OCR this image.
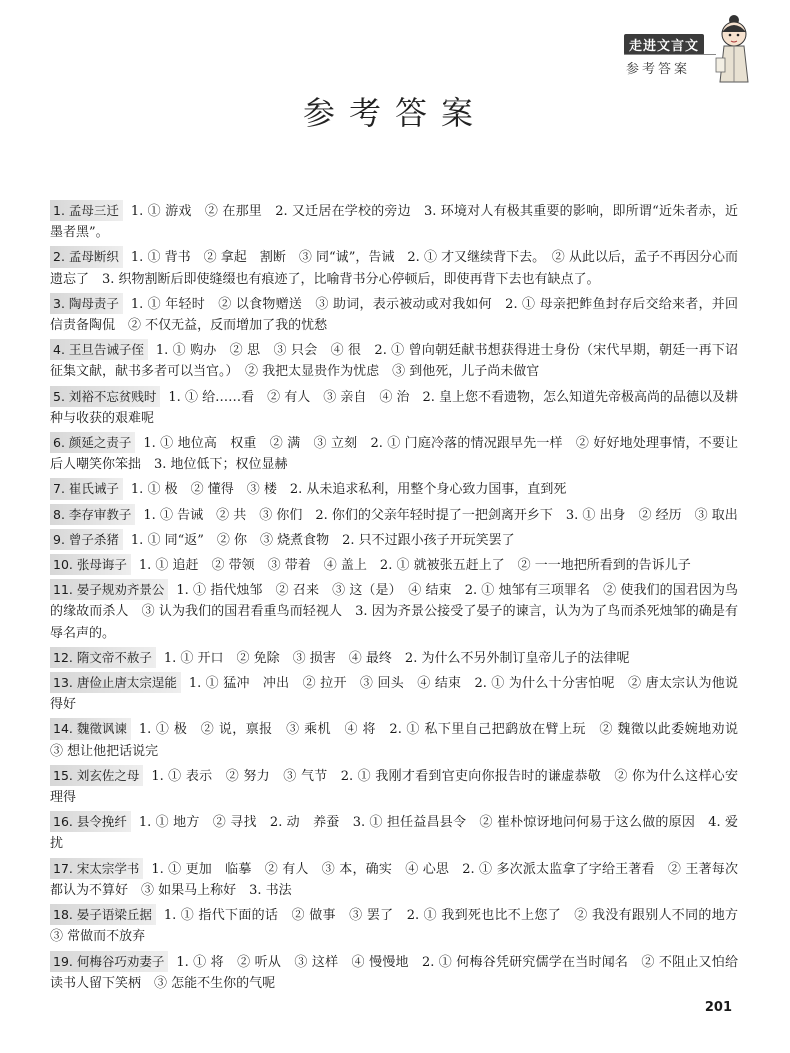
走进文言文
参考答案
参考答案

1. 孟母三迁 1. ① 游戏　② 在那里　2. 又迁居在学校的旁边　3. 环境对人有极其重要的影响，即所谓“近朱者赤，近墨者黑”。

2. 孟母断织 1. ① 背书　② 拿起　割断　③ 同“诚”，告诫　2. ① 才又继续背下去。　② 从此以后，孟子不再因分心而遗忘了　3. 织物割断后即使缝缀也有痕迹了，比喻背书分心停顿后，即使再背下去也有缺点了。

3. 陶母责子 1. ① 年轻时　② 以食物赠送　③ 助词，表示被动或对我如何　2. ① 母亲把鲊鱼封存后交给来者，并回信责备陶侃　② 不仅无益，反而增加了我的忧愁

4. 王旦告诫子侄 1. ① 购办　② 思　③ 只会　④ 很　2. ① 曾向朝廷献书想获得进士身份（宋代早期，朝廷一再下诏征集文献，献书多者可以当官。）　② 我把太显贵作为忧虑　③ 到他死，儿子尚未做官

5. 刘裕不忘贫贱时 1. ① 给……看　② 有人　③ 亲自　④ 治　2. 皇上您不看遗物，怎么知道先帝极高尚的品德以及耕种与收获的艰难呢

6. 颜延之责子 1. ① 地位高　权重　② 满　③ 立刻　2. ① 门庭冷落的情况跟早先一样　② 好好地处理事情，不要让后人嘲笑你笨拙　3. 地位低下；权位显赫

7. 崔氏诫子 1. ① 极　② 懂得　③ 楼　2. 从未追求私利，用整个身心致力国事，直到死

8. 李存审教子 1. ① 告诫　② 共　③ 你们　2. 你们的父亲年轻时提了一把剑离开乡下　3. ① 出身　② 经历　③ 取出

9. 曾子杀猪 1. ① 同“返”　② 你　③ 烧煮食物　2. 只不过跟小孩子开玩笑罢了

10. 张母诲子 1. ① 追赶　② 带领　③ 带着　④ 盖上　2. ① 就被张五赶上了　② 一一地把所看到的告诉儿子

11. 晏子规劝齐景公 1. ① 指代烛邹　② 召来　③ 这（是）　④ 结束　2. ① 烛邹有三项罪名　② 使我们的国君因为鸟的缘故而杀人　③ 认为我们的国君看重鸟而轻视人　3. 因为齐景公接受了晏子的谏言，认为为了鸟而杀死烛邹的确是有辱名声的。

12. 隋文帝不赦子 1. ① 开口　② 免除　③ 损害　④ 最终　2. 为什么不另外制订皇帝儿子的法律呢

13. 唐俭止唐太宗逞能 1. ① 猛冲　冲出　② 拉开　③ 回头　④ 结束　2. ① 为什么十分害怕呢　② 唐太宗认为他说得好

14. 魏徵讽谏 1. ① 极　② 说，禀报　③ 乘机　④ 将　2. ① 私下里自己把鹞放在臂上玩　② 魏徵以此委婉地劝说　③ 想让他把话说完

15. 刘玄佐之母 1. ① 表示　② 努力　③ 气节　2. ① 我刚才看到官吏向你报告时的谦虚恭敬　② 你为什么这样心安理得

16. 县令挽纤 1. ① 地方　② 寻找　2. 动　养蚕　3. ① 担任益昌县令　② 崔朴惊讶地问何易于这么做的原因　4. 爱　扰

17. 宋太宗学书 1. ① 更加　临摹　② 有人　③ 本，确实　④ 心思　2. ① 多次派太监拿了字给王著看　② 王著每次都认为不算好　③ 如果马上称好　3. 书法

18. 晏子语梁丘据 1. ① 指代下面的话　② 做事　③ 罢了　2. ① 我到死也比不上您了　② 我没有跟别人不同的地方　③ 常做而不放弃

19. 何梅谷巧劝妻子 1. ① 将　② 听从　③ 这样　④ 慢慢地　2. ① 何梅谷凭研究儒学在当时闻名　② 不阻止又怕给读书人留下笑柄　③ 怎能不生你的气呢

201
